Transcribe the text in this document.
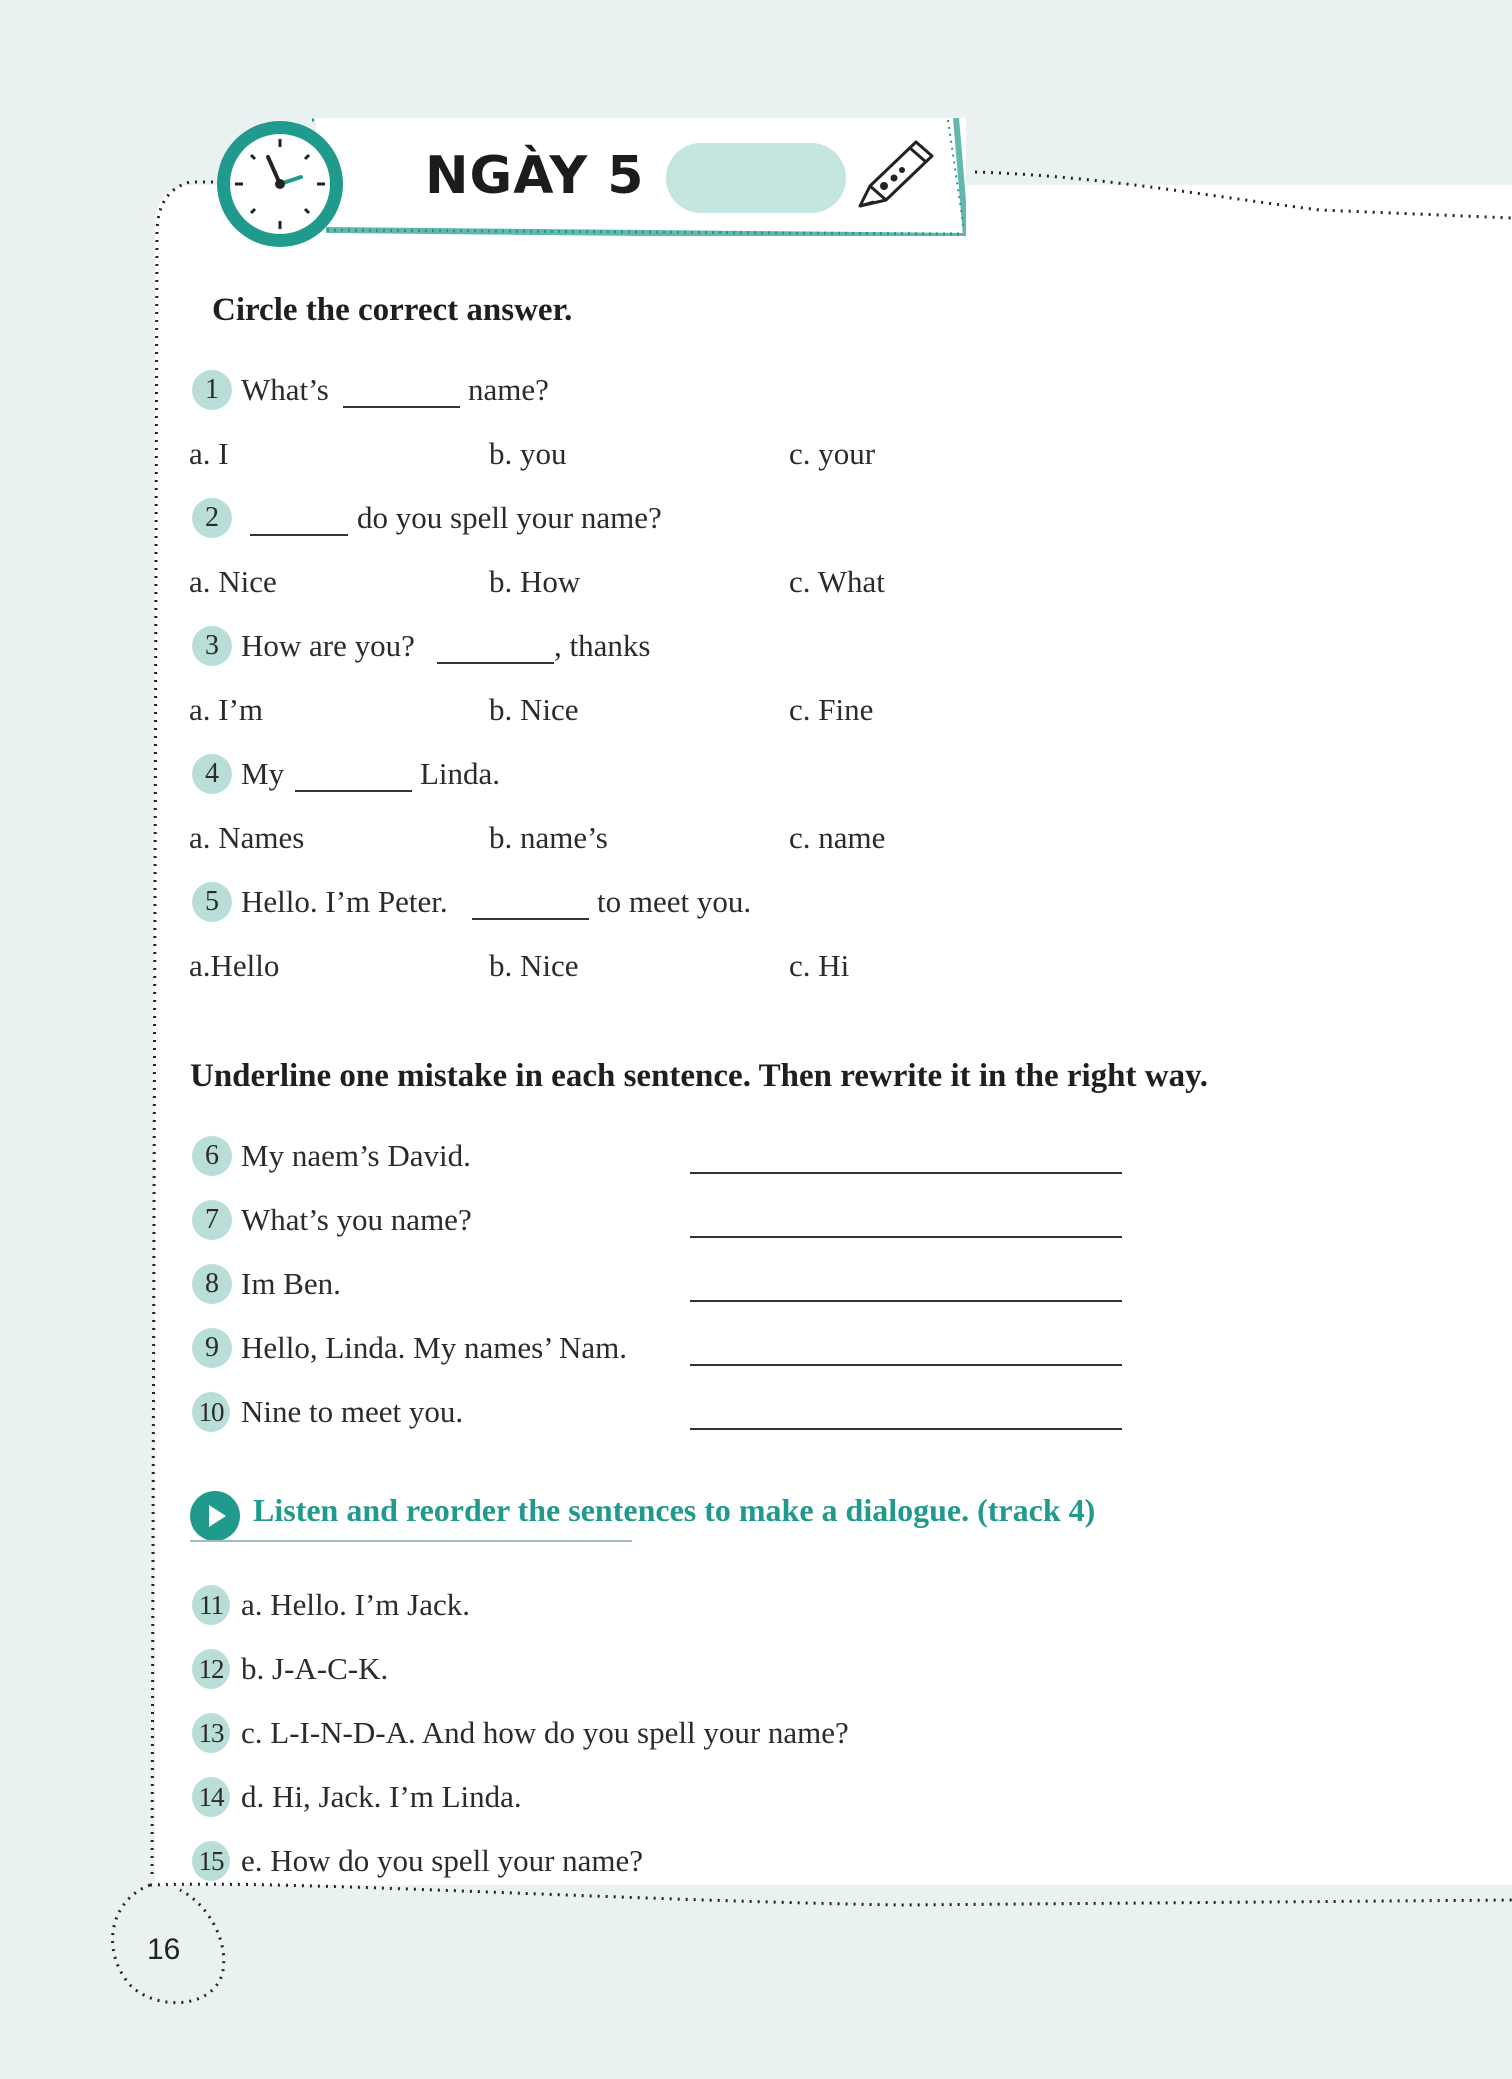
NGÀY 5
Circle the correct answer.
1 What’s	name?
a. I	b. you	c. your
2	do you spell your name?
a. Nice	b. How	c. What
3 How are you?	, thanks
a. I’m	b. Nice	c. Fine
4 My	Linda.
a. Names	b. name’s	c. name
5 Hello. I’m Peter.	to meet you.
a.Hello	b. Nice	c. Hi
Underline one mistake in each sentence. Then rewrite it in the right way.
6 My naem’s David.
7 What’s you name?
8 Im Ben.
9 Hello, Linda. My names’ Nam.
10 Nine to meet you.
Listen and reorder the sentences to make a dialogue. (track 4)
11 a. Hello. I’m Jack.
12 b. J-A-C-K.
13 c. L-I-N-D-A. And how do you spell your name?
14 d. Hi, Jack. I’m Linda.
15 e. How do you spell your name?
16
